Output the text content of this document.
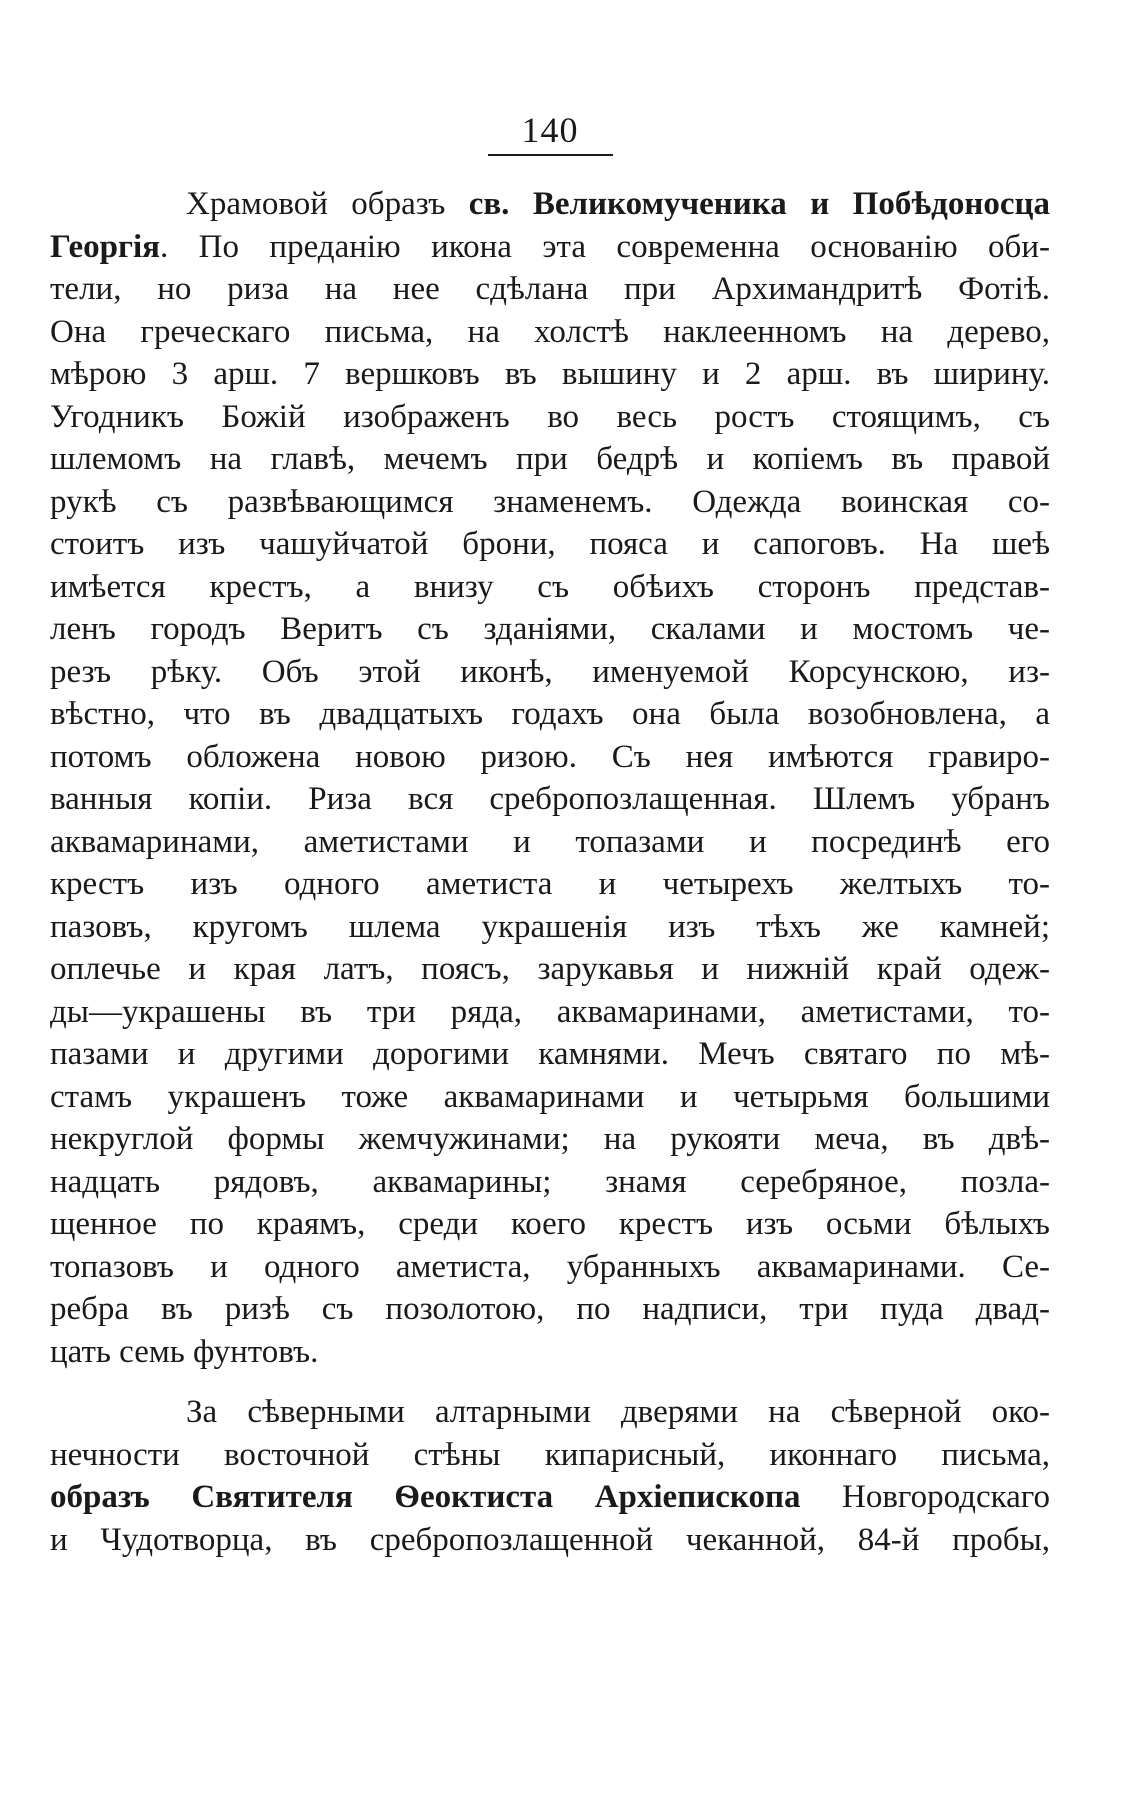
140
Храмовой образъ св. Великомученика и Побѣдоносца
Георгія. По преданію икона эта современна основанію оби-
тели, но риза на нее сдѣлана при Архимандритѣ Фотіѣ.
Она греческаго письма, на холстѣ наклеенномъ на дерево,
мѣрою 3 арш. 7 вершковъ въ вышину и 2 арш. въ ширину.
Угодникъ Божій изображенъ во весь ростъ стоящимъ, съ
шлемомъ на главѣ, мечемъ при бедрѣ и копіемъ въ правой
рукѣ съ развѣвающимся знаменемъ. Одежда воинская со-
стоитъ изъ чашуйчатой брони, пояса и сапоговъ. На шеѣ
имѣется крестъ, а внизу съ обѣихъ сторонъ представ-
ленъ городъ Веритъ съ зданіями, скалами и мостомъ че-
резъ рѣку. Объ этой иконѣ, именуемой Корсунскою, из-
вѣстно, что въ двадцатыхъ годахъ она была возобновлена, а
потомъ обложена новою ризою. Съ нея имѣются гравиро-
ванныя копіи. Риза вся сребропозлащенная. Шлемъ убранъ
аквамаринами, аметистами и топазами и посрединѣ его
крестъ изъ одного аметиста и четырехъ желтыхъ то-
пазовъ, кругомъ шлема украшенія изъ тѣхъ же камней;
оплечье и края латъ, поясъ, зарукавья и нижній край одеж-
ды—украшены въ три ряда, аквамаринами, аметистами, то-
пазами и другими дорогими камнями. Мечъ святаго по мѣ-
стамъ украшенъ тоже аквамаринами и четырьмя большими
некруглой формы жемчужинами; на рукояти меча, въ двѣ-
надцать рядовъ, аквамарины; знамя серебряное, позла-
щенное по краямъ, среди коего крестъ изъ осьми бѣлыхъ
топазовъ и одного аметиста, убранныхъ аквамаринами. Се-
ребра въ ризѣ съ позолотою, по надписи, три пуда двад-
цать семь фунтовъ.
За сѣверными алтарными дверями на сѣверной око-
нечности восточной стѣны кипарисный, иконнаго письма,
образъ Святителя Ѳеоктиста Архіепископа Новгородскаго
и Чудотворца, въ сребропозлащенной чеканной, 84-й пробы,
